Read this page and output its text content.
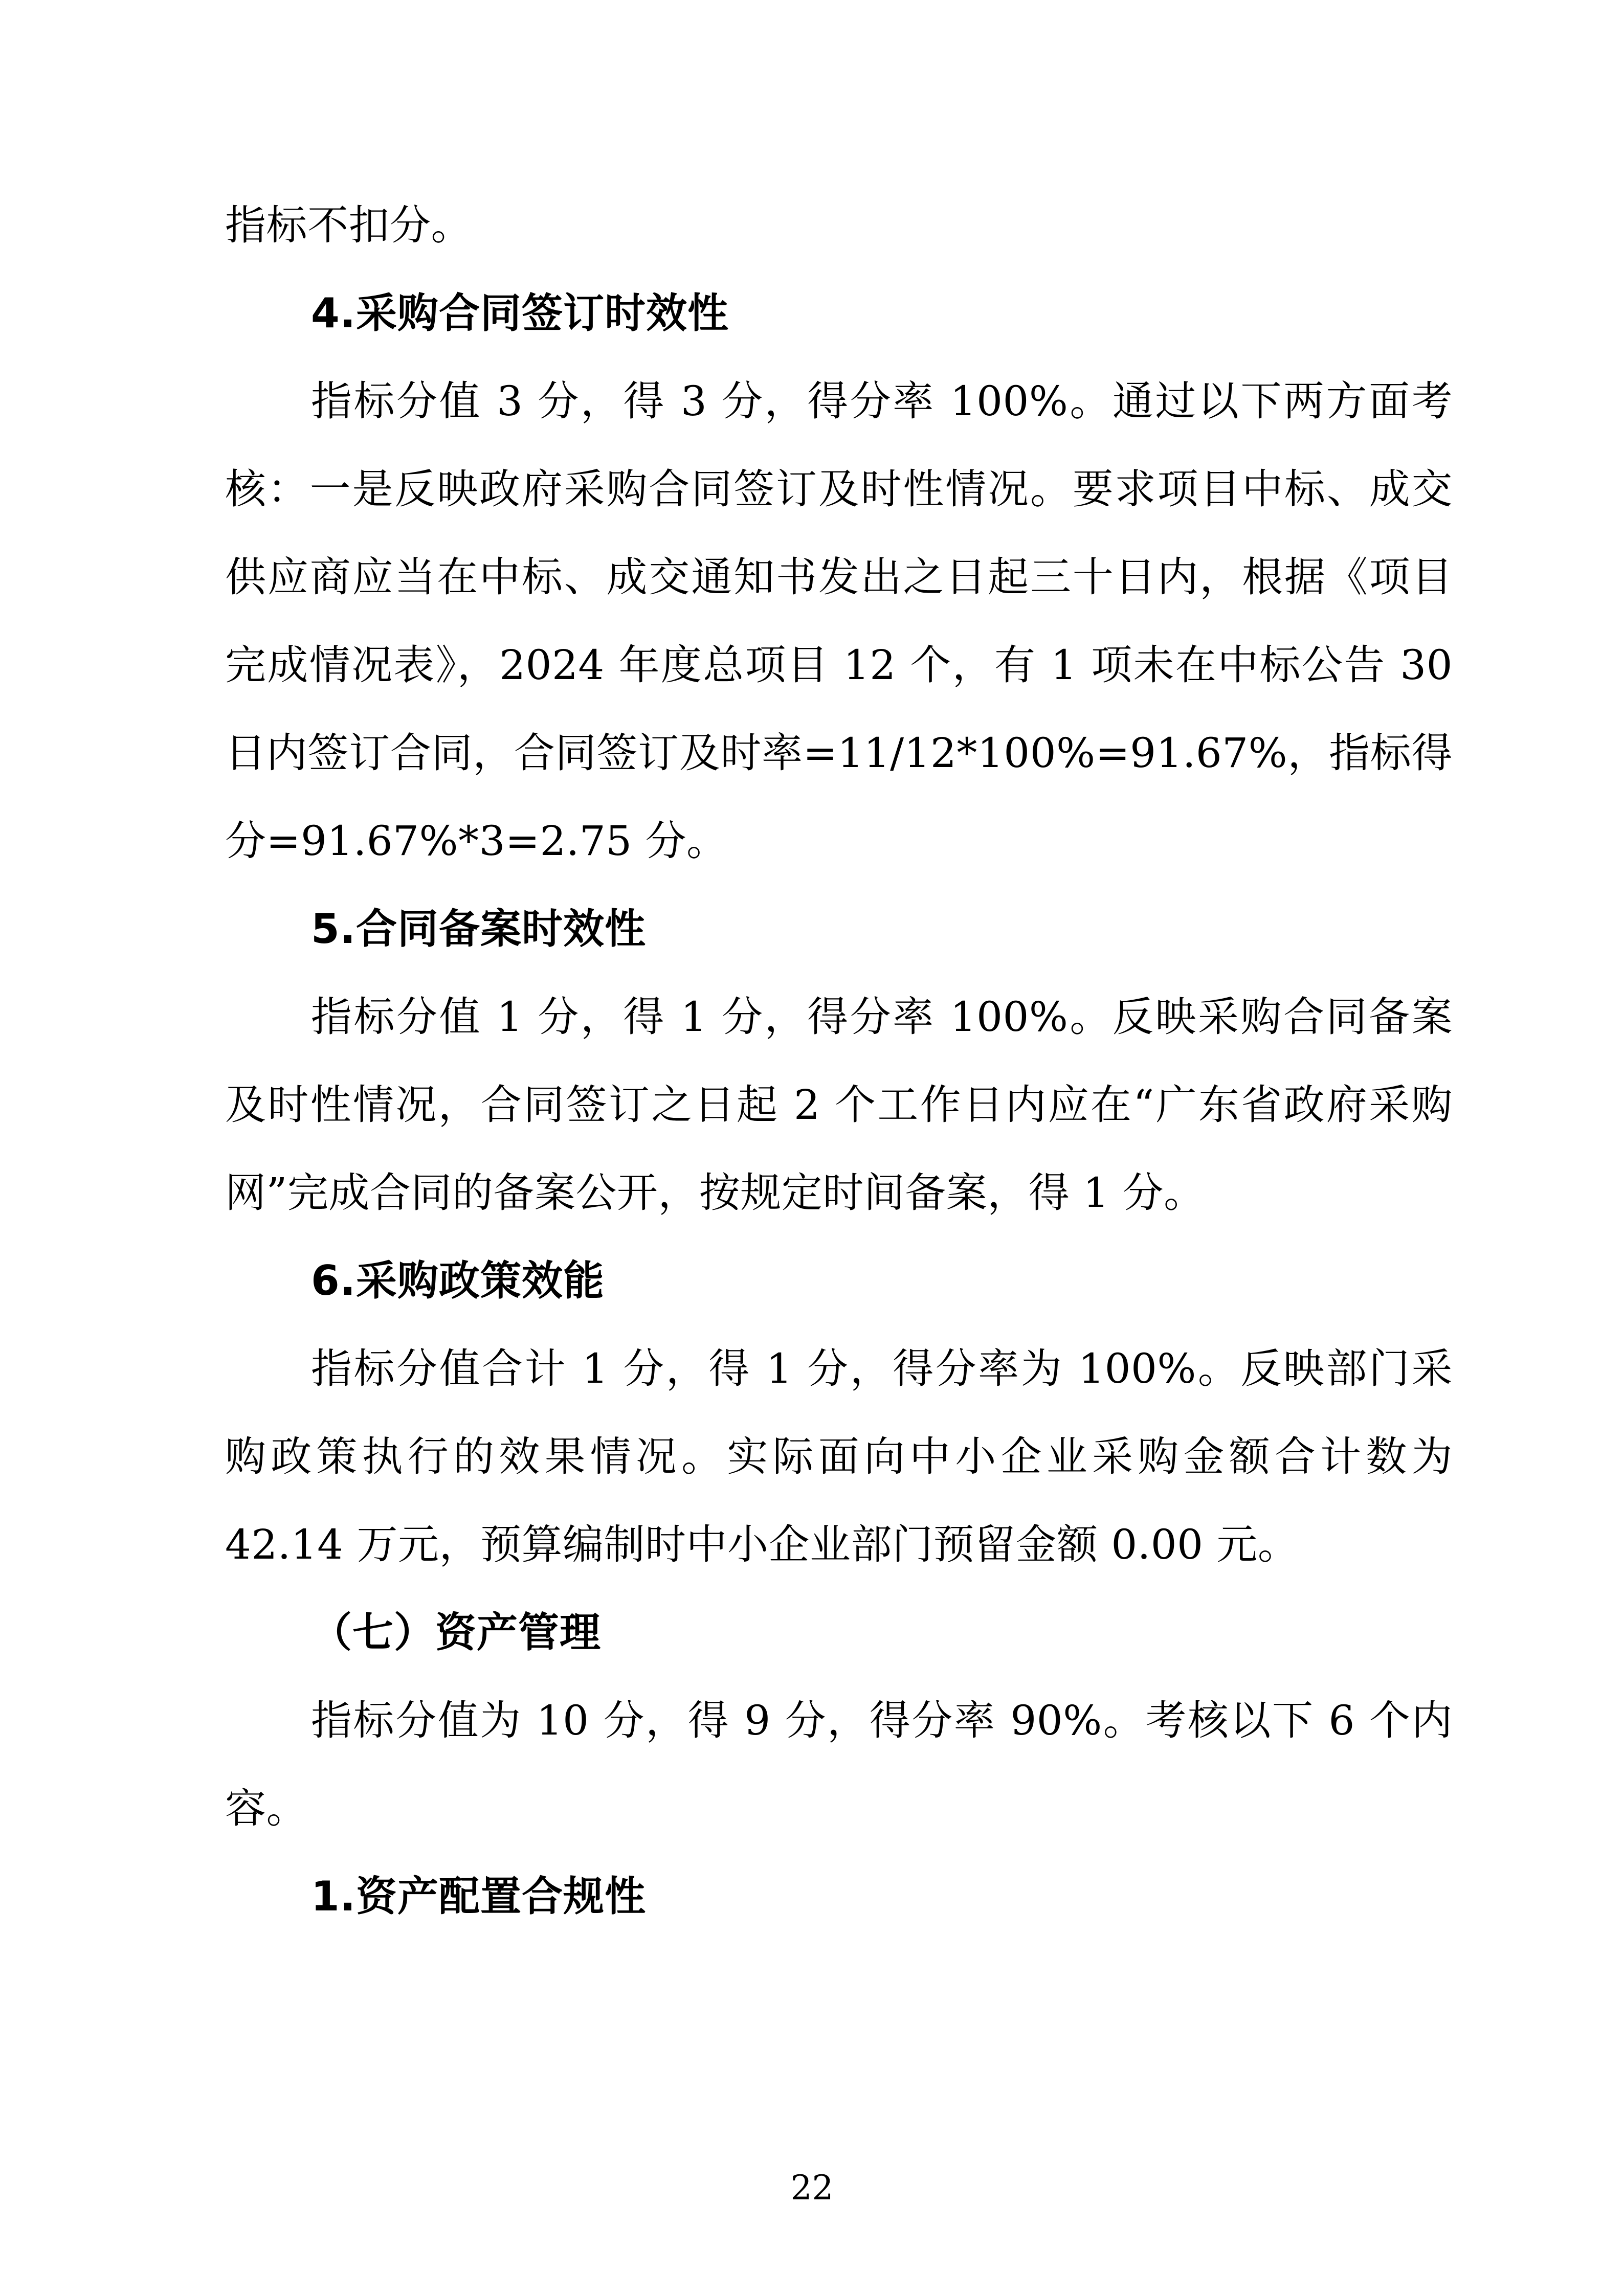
指标不扣分。

4.采购合同签订时效性

指标分值 3 分，得 3 分，得分率 100%。通过以下两方面考核：一是反映政府采购合同签订及时性情况。要求项目中标、成交供应商应当在中标、成交通知书发出之日起三十日内，根据《项目完成情况表》，2024 年度总项目 12 个，有 1 项未在中标公告 30 日内签订合同，合同签订及时率=11/12*100%=91.67%，指标得分=91.67%*3=2.75 分。

5.合同备案时效性

指标分值 1 分，得 1 分，得分率 100%。反映采购合同备案及时性情况，合同签订之日起 2 个工作日内应在“广东省政府采购网”完成合同的备案公开，按规定时间备案，得 1 分。

6.采购政策效能

指标分值合计 1 分，得 1 分，得分率为 100%。反映部门采购政策执行的效果情况。实际面向中小企业采购金额合计数为 42.14 万元，预算编制时中小企业部门预留金额 0.00 元。

（七）资产管理

指标分值为 10 分，得 9 分，得分率 90%。考核以下 6 个内容。

1.资产配置合规性
22
